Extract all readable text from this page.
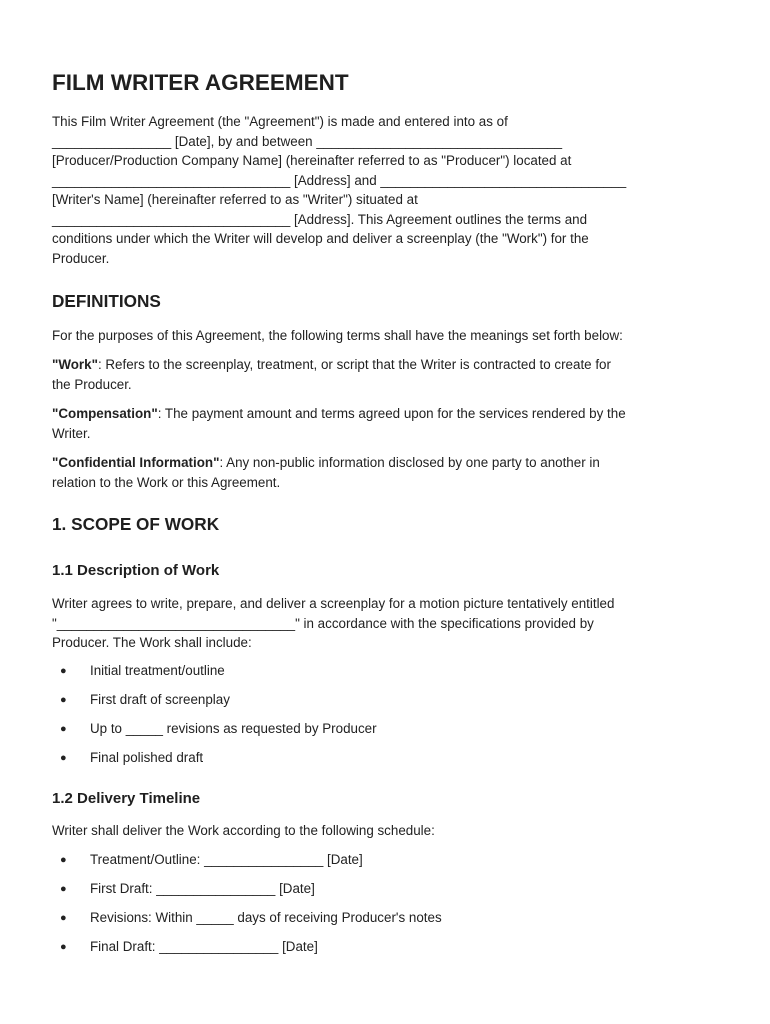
FILM WRITER AGREEMENT

This Film Writer Agreement (the "Agreement") is made and entered into as of

________________ [Date], by and between _________________________________

[Producer/Production Company Name] (hereinafter referred to as "Producer") located at

________________________________ [Address] and _________________________________

[Writer's Name] (hereinafter referred to as "Writer") situated at

________________________________ [Address]. This Agreement outlines the terms and

conditions under which the Writer will develop and deliver a screenplay (the "Work") for the

Producer.

DEFINITIONS

For the purposes of this Agreement, the following terms shall have the meanings set forth below:

"Work": Refers to the screenplay, treatment, or script that the Writer is contracted to create for

the Producer.

"Compensation": The payment amount and terms agreed upon for the services rendered by the

Writer.

"Confidential Information": Any non-public information disclosed by one party to another in

relation to the Work or this Agreement.

1. SCOPE OF WORK
1.1 Description of Work

Writer agrees to write, prepare, and deliver a screenplay for a motion picture tentatively entitled

"________________________________" in accordance with the specifications provided by

Producer. The Work shall include:

● Initial treatment/outline
● First draft of screenplay
● Up to _____ revisions as requested by Producer
● Final polished draft
1.2 Delivery Timeline

Writer shall deliver the Work according to the following schedule:

● Treatment/Outline: ________________ [Date]
● First Draft: ________________ [Date]
● Revisions: Within _____ days of receiving Producer's notes
● Final Draft: ________________ [Date]
